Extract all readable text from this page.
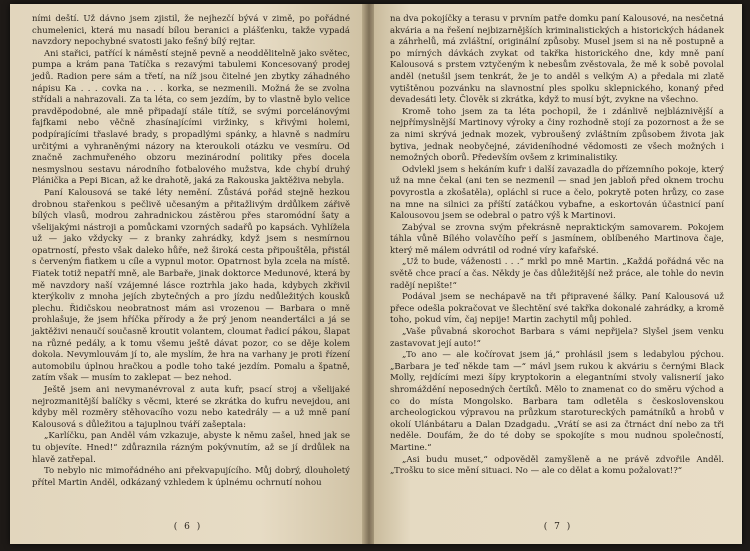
ními deští. Už dávno jsem zjistil, že nejhezčí bývá v zimě, po pořádné chumelenici, která mu nasadí bílou beranici a plášťenku, takže vypadá navzdory nepochybné svatosti jako fešný bílý rejtar.

Ani stařici, patřící k náměstí stejně pevně a neoddělitelně jako světec, pumpa a krám pana Tatíčka s rezavými tabulemi Koncesovaný prodej jedů. Radion pere sám a třetí, na níž jsou čitelné jen zbytky záhadného nápisu Ka . . . covka na . . . korka, se nezmenili. Možná že se zvolna střídali a nahrazovali. Za ta léta, co sem jezdím, by to vlastně bylo velice pravděpodobné, ale mně připadají stále títíž, se svými porcelánovými fajfkami nebo věčně zhasínajícími viržinky, s křivými holemi, podpírajícími třaslavé brady, s propadlými spánky, a hlavně s nadmíru určitými a vyhraněnými názory na kteroukoli otázku ve vesmíru. Od značně zachmuřeného obzoru mezinárodní politiky přes docela nesmyslnou sestavu národního fotbalového mužstva, kde chybí druhý Plánička a Pepi Bican, až ke drahotě, jaká za Rakouska jaktěživa nebyla.

Paní Kalousová se také léty nemění. Zůstává pořád stejně hezkou drobnou stařenkou s pečlivě učesaným a přitažlivým drdůlkem zářivě bílých vlasů, modrou zahradnickou zástěrou přes staromódní šaty a všelijakými nástroji a pomůckami vzorných sadařů po kapsách. Vyhlížela už — jako vždycky — z branky zahrádky, když jsem s nesmírnou opatrností, přesto však daleko hůře, než široká cesta připouštěla, přistál s červeným fiatkem u cíle a vypnul motor. Opatrnost byla zcela na místě. Fiatek totiž nepatří mně, ale Barbaře, jinak doktorce Medunové, která by mě navzdory naší vzájemné lásce roztrhla jako hada, kdybych zkřivil kterýkoliv z mnoha jejích zbytečných a pro jízdu nedůležitých kousků plechu. Řidičskou neobratnost mám asi vrozenou — Barbara o mně prohlašuje, že jsem hříčka přírody a že prý jenom neandertálci a já se jaktěživi nenaučí současně kroutit volantem, cloumat řadicí pákou, šlapat na různé pedály, a k tomu všemu ještě dávat pozor, co se děje kolem dokola. Nevymlouvám jí to, ale myslím, že hra na varhany je proti řízení automobilu úplnou hračkou a podle toho také jezdím. Pomalu a špatně, zatím však — musím to zaklepat — bez nehod.

Ještě jsem ani nevymanévroval z auta kufr, psací stroj a všelijaké nejrozmanitější balíčky s věcmi, které se zkrátka do kufru nevejdou, ani kdyby měl rozměry stěhovacího vozu nebo katedrály — a už mně paní Kalousová s důležitou a tajuplnou tváří zašeptala:

„Karlíčku, pan Anděl vám vzkazuje, abyste k němu zašel, hned jak se tu objevíte. Hned!“ zdůraznila rázným pokývnutím, až se jí drdůlek na hlavě zatřepal.

To nebylo nic mimořádného ani překvapujícího. Můj dobrý, dlouholetý přítel Martin Anděl, odkázaný vzhledem k úplnému ochrnutí nohou

( 6 )

na dva pokojíčky a terasu v prvním patře domku paní Kalousové, na nesčetná akvária a na řešení nejbizarnějších kriminalistických a historických hádanek a záhrhelů, má zvláštní, originální způsoby. Musel jsem si na ně postupně a po mírných dávkách zvykat od takřka historického dne, kdy mně paní Kalousová s prstem vztyčeným k nebesům zvěstovala, že mě k sobě povolal anděl (netušil jsem tenkrát, že je to anděl s velkým A) a předala mi zlatě vytištěnou pozvánku na slavnostní ples spolku sklepnického, konaný před devadesáti lety. Člověk si zkrátka, když to musí být, zvykne na všechno.

Kromě toho jsem za ta léta pochopil, že i zdánlivě nejbláznivější a nejpřímyslnější Martinovy výroky a činy rozhodně stojí za pozornost a že se za nimi skrývá jednak mozek, vybroušený zvláštním způsobem života jak bytiva, jednak neobyčejné, závideníhodné vědomosti ze všech možných i nemožných oborů. Především ovšem z kriminalistiky.

Odvlekl jsem s hekáním kufr i další zavazadla do přízemního pokoje, který už na mne čekal (ani ten se nezmenil — snad jen jabloň před oknem trochu povyrostla a zkošatěla), opláchl si ruce a čelo, pokrytě poten hrůzy, co zase na mne na silnici za příští zatáčkou vybafne, a eskortován účastnicí paní Kalousovou jsem se odebral o patro výš k Martinovi.

Zabýval se zrovna svým překrásně nepraktickým samovarem. Pokojem táhla vůně Bílého volavčího peří s jasmínem, oblíbeného Martinova čaje, který mě málem odvrátil od rodné víry kafařské.

„Už to bude, váženosti . . .“ mrkl po mně Martin. „Každá pořádná věc na světě chce prací a čas. Někdy je čas důležitější než práce, ale tohle do nevin radějí nepište!“

Podával jsem se nechápavě na tři připravené šálky. Paní Kalousová už přece odešla pokračovat ve šlechtění své takřka dokonalé zahrádky, a kromě toho, pokud vím, čaj nepije! Martin zachytil můj pohled.

„Vaše půvabná skorochot Barbara s vámi nepřijela? Slyšel jsem venku zastavovat její auto!“

„To ano — ale kočírovat jsem já,“ prohlásil jsem s ledabylou pýchou. „Barbara je teď někde tam —“ mávl jsem rukou k akváriu s černými Black Molly, rejdícími mezi šípy kryptokorin a elegantními stvoly valisnerií jako shromáždění neposedných čertíků. Mělo to znamenat co do směru východ a co do místa Mongolsko. Barbara tam odletěla s československou archeologickou výpravou na průzkum starotureckých památníků a hrobů v okolí Ulánbátaru a Dalan Dzadgadu. „Vrátí se asi za čtrnáct dní nebo za tři neděle. Doufám, že do té doby se spokojíte s mou nudnou společností, Martine.“

„Asi budu muset,“ odpověděl zamyšleně a ne právě zdvořile Anděl. „Trošku to sice mění situaci. No — ale co dělat a komu požalovat!?“

( 7 )
